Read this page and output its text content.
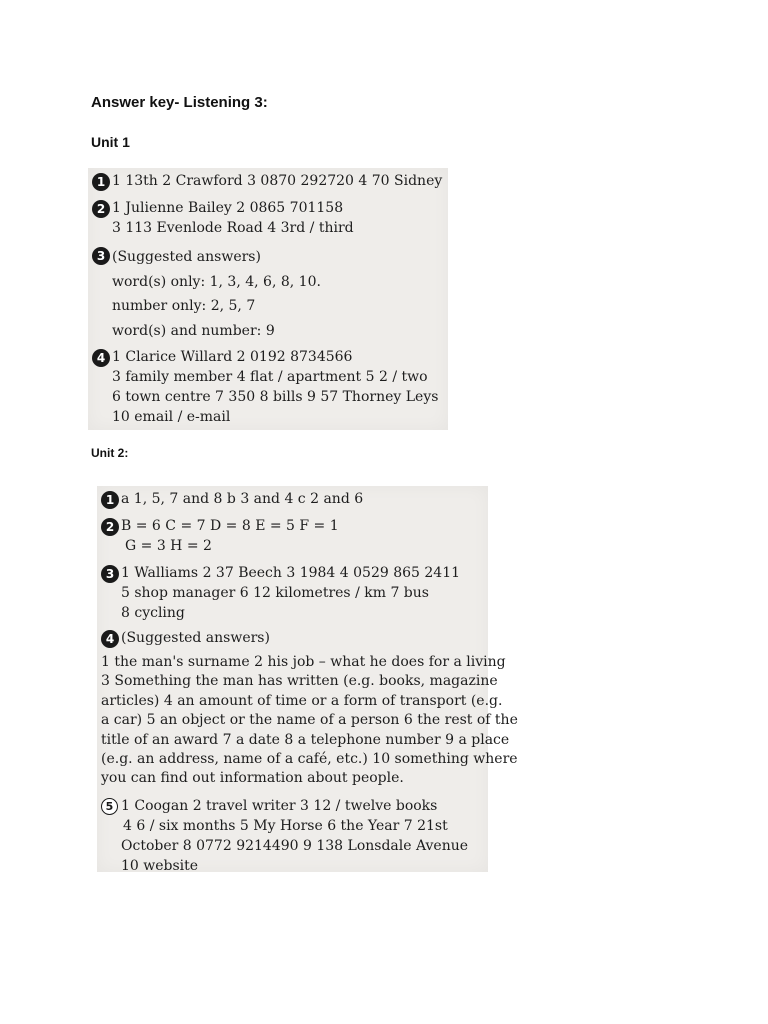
Answer key- Listening 3:
Unit 1
1 1 13th 2 Crawford 3 0870 292720 4 70 Sidney
2 1 Julienne Bailey 2 0865 701158
3 113 Evenlode Road 4 3rd / third
3 (Suggested answers)
word(s) only: 1, 3, 4, 6, 8, 10.
number only: 2, 5, 7
word(s) and number: 9
4 1 Clarice Willard 2 0192 8734566
3 family member 4 flat / apartment 5 2 / two
6 town centre 7 350 8 bills 9 57 Thorney Leys
10 email / e-mail
Unit 2:
1 a 1, 5, 7 and 8 b 3 and 4 c 2 and 6
2 B = 6 C = 7 D = 8 E = 5 F = 1
G = 3 H = 2
3 1 Walliams 2 37 Beech 3 1984 4 0529 865 2411
5 shop manager 6 12 kilometres / km 7 bus
8 cycling
4 (Suggested answers)
1 the man's surname 2 his job – what he does for a living
3 Something the man has written (e.g. books, magazine
articles) 4 an amount of time or a form of transport (e.g.
a car) 5 an object or the name of a person 6 the rest of the
title of an award 7 a date 8 a telephone number 9 a place
(e.g. an address, name of a café, etc.) 10 something where
you can find out information about people.
5 1 Coogan 2 travel writer 3 12 / twelve books
4 6 / six months 5 My Horse 6 the Year 7 21st
October 8 0772 9214490 9 138 Lonsdale Avenue
10 website
